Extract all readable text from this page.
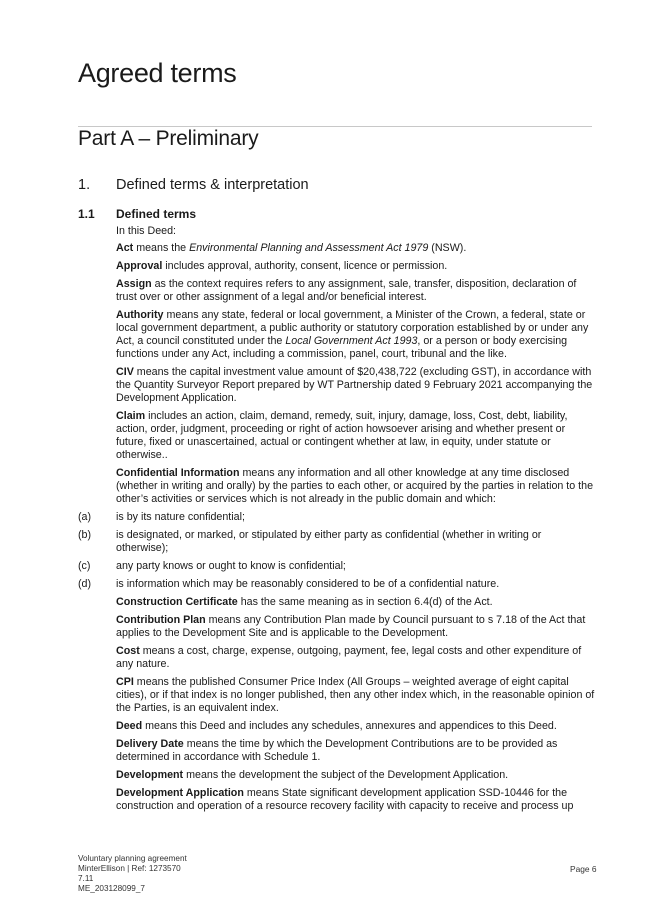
Agreed terms
Part A – Preliminary
1. Defined terms & interpretation
1.1 Defined terms

In this Deed:

Act means the Environmental Planning and Assessment Act 1979 (NSW).

Approval includes approval, authority, consent, licence or permission.

Assign as the context requires refers to any assignment, sale, transfer, disposition, declaration of trust over or other assignment of a legal and/or beneficial interest.

Authority means any state, federal or local government, a Minister of the Crown, a federal, state or local government department, a public authority or statutory corporation established by or under any Act, a council constituted under the Local Government Act 1993, or a person or body exercising functions under any Act, including a commission, panel, court, tribunal and the like.

CIV means the capital investment value amount of $20,438,722 (excluding GST), in accordance with the Quantity Surveyor Report prepared by WT Partnership dated 9 February 2021 accompanying the Development Application.

Claim includes an action, claim, demand, remedy, suit, injury, damage, loss, Cost, debt, liability, action, order, judgment, proceeding or right of action howsoever arising and whether present or future, fixed or unascertained, actual or contingent whether at law, in equity, under statute or otherwise..

Confidential Information means any information and all other knowledge at any time disclosed (whether in writing and orally) by the parties to each other, or acquired by the parties in relation to the other’s activities or services which is not already in the public domain and which:

(a)	is by its nature confidential;
(b)	is designated, or marked, or stipulated by either party as confidential (whether in writing or otherwise);
(c)	any party knows or ought to know is confidential;
(d)	is information which may be reasonably considered to be of a confidential nature.

Construction Certificate has the same meaning as in section 6.4(d) of the Act.

Contribution Plan means any Contribution Plan made by Council pursuant to s 7.18 of the Act that applies to the Development Site and is applicable to the Development.

Cost means a cost, charge, expense, outgoing, payment, fee, legal costs and other expenditure of any nature.

CPI means the published Consumer Price Index (All Groups – weighted average of eight capital cities), or if that index is no longer published, then any other index which, in the reasonable opinion of the Parties, is an equivalent index.

Deed means this Deed and includes any schedules, annexures and appendices to this Deed.

Delivery Date means the time by which the Development Contributions are to be provided as determined in accordance with Schedule 1.

Development means the development the subject of the Development Application.

Development Application means State significant development application SSD-10446 for the construction and operation of a resource recovery facility with capacity to receive and process up

Voluntary planning agreement
MinterEllison | Ref: 1273570
7.11
ME_203128099_7
Page 6
